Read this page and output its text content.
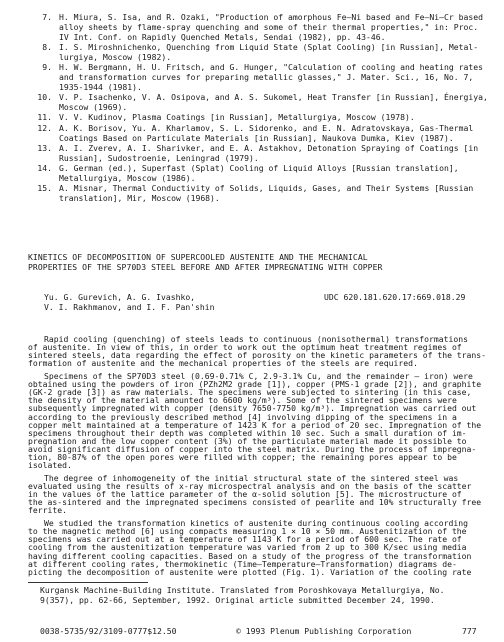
7. H. Miura, S. Isa, and R. Ozaki, "Production of amorphous Fe–Ni based and Fe–Ni–Cr based
alloy sheets by flame-spray quenching and some of their thermal properties," in: Proc.
IV Int. Conf. on Rapidly Quenched Metals, Sendai (1982), pp. 43-46.
8. I. S. Miroshnichenko, Quenching from Liquid State (Splat Cooling) [in Russian], Metal-
lurgiya, Moscow (1982).
9. H. W. Bergmann, H. U. Fritsch, and G. Hunger, "Calculation of cooling and heating rates
and transformation curves for preparing metallic glasses," J. Mater. Sci., 16, No. 7,
1935-1944 (1981).
10. V. P. Isachenko, V. A. Osipova, and A. S. Sukomel, Heat Transfer [in Russian], Énergiya,
Moscow (1969).
11. V. V. Kudinov, Plasma Coatings [in Russian], Metallurgiya, Moscow (1978).
12. A. K. Borisov, Yu. A. Kharlamov, S. L. Sidorenko, and E. N. Adratovskaya, Gas-Thermal
Coatings Based on Particulate Materials [in Russian], Naukova Dumka, Kiev (1987).
13. A. I. Zverev, A. I. Sharivker, and E. A. Astakhov, Detonation Spraying of Coatings [in
Russian], Sudostroenie, Leningrad (1979).
14. G. German (ed.), Superfast (Splat) Cooling of Liquid Alloys [Russian translation],
Metallurgiya, Moscow (1986).
15. A. Misnar, Thermal Conductivity of Solids, Liquids, Gases, and Their Systems [Russian
translation], Mir, Moscow (1968).
KINETICS OF DECOMPOSITION OF SUPERCOOLED AUSTENITE AND THE MECHANICAL
PROPERTIES OF THE SP70D3 STEEL BEFORE AND AFTER IMPREGNATING WITH COPPER
Yu. G. Gurevich, A. G. Ivashko,
V. I. Rakhmanov, and I. F. Pan'shin
UDC 620.181.620.17:669.018.29
Rapid cooling (quenching) of steels leads to continuous (nonisothermal) transformations
of austenite. In view of this, in order to work out the optimum heat treatment regimes of
sintered steels, data regarding the effect of porosity on the kinetic parameters of the trans-
formation of austenite and the mechanical properties of the steels are required.
Specimens of the SP70D3 steel (0.69-0.71% C, 2.9-3.1% Cu, and the remainder – iron) were
obtained using the powders of iron (PZh2M2 grade [1]), copper (PMS-1 grade [2]), and graphite
(GK-2 grade [3]) as raw materials. The specimens were subjected to sintering (in this case,
the density of the material amounted to 6600 kg/m³). Some of the sintered specimens were
subsequently impregnated with copper (density 7650-7750 kg/m³). Impregnation was carried out
according to the previously described method [4] involving dipping of the specimens in a
copper melt maintained at a temperature of 1423 K for a period of 20 sec. Impregnation of the
specimens throughout their depth was completed within 10 sec. Such a small duration of im-
pregnation and the low copper content (3%) of the particulate material made it possible to
avoid significant diffusion of copper into the steel matrix. During the process of impregna-
tion, 80-87% of the open pores were filled with copper; the remaining pores appear to be
isolated.
The degree of inhomogeneity of the initial structural state of the sintered steel was
evaluated using the results of x-ray microspectral analysis and on the basis of the scatter
in the values of the lattice parameter of the α-solid solution [5]. The microstructure of
the as-sintered and the impregnated specimens consisted of pearlite and 10% structurally free
ferrite.
We studied the transformation kinetics of austenite during continuous cooling according
to the magnetic method [6] using compacts measuring 1 × 10 × 50 mm. Austenitization of the
specimens was carried out at a temperature of 1143 K for a period of 600 sec. The rate of
cooling from the austenitization temperature was varied from 2 up to 300 K/sec using media
having different cooling capacities. Based on a study of the progress of the transformation
at different cooling rates, thermokinetic (Time–Temperature–Transformation) diagrams de-
picting the decomposition of austenite were plotted (Fig. 1). Variation of the cooling rate
Kurgansk Machine-Building Institute. Translated from Poroshkovaya Metallurgiya, No.
9(357), pp. 62-66, September, 1992. Original article submitted December 24, 1990.
0038-5735/92/3109-0777$12.50	© 1993 Plenum Publishing Corporation	777
